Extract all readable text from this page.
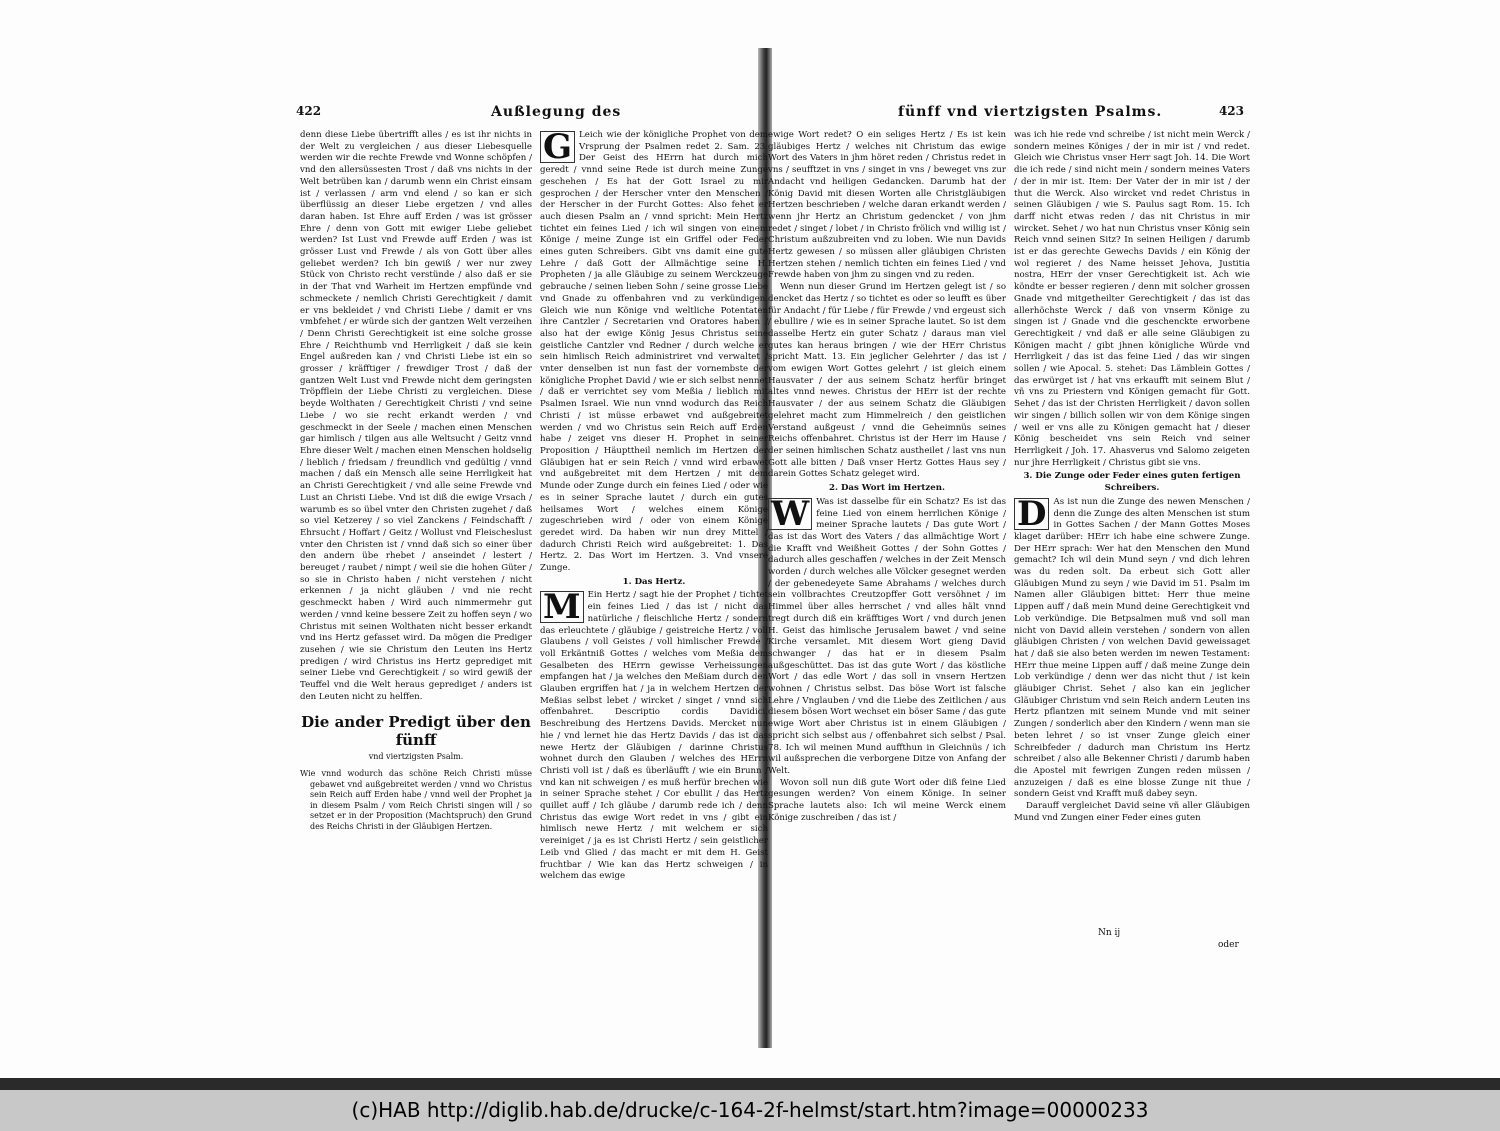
422	Außlegung des

denn diese Liebe übertrifft alles / es ist ihr nichts in der Welt zu vergleichen / aus dieser Liebesquelle werden wir die rechte Frewde vnd Wonne schöpfen / vnd den allersüssesten Trost / daß vns nichts in der Welt betrüben kan / darumb wenn ein Christ einsam ist / verlassen / arm vnd elend / so kan er sich überflüssig an dieser Liebe ergetzen / vnd alles daran haben. Ist Ehre auff Erden / was ist grösser Ehre / denn von Gott mit ewiger Liebe geliebet werden? Ist Lust vnd Frewde auff Erden / was ist grösser Lust vnd Frewde / als von Gott über alles geliebet werden? Ich bin gewiß / wer nur zwey Stück von Christo recht verstünde / also daß er sie in der That vnd Warheit im Hertzen empfünde vnd schmeckete / nemlich Christi Gerechtigkeit / damit er vns bekleidet / vnd Christi Liebe / damit er vns vmbfehet / er würde sich der gantzen Welt verzeihen / Denn Christi Gerechtigkeit ist eine solche grosse Ehre / Reichthumb vnd Herrligkeit / daß sie kein Engel außreden kan / vnd Christi Liebe ist ein so grosser / kräfftiger / frewdiger Trost / daß der gantzen Welt Lust vnd Frewde nicht dem geringsten Tröpfflein der Liebe Christi zu vergleichen. Diese beyde Wolthaten / Gerechtigkeit Christi / vnd seine Liebe / wo sie recht erkandt werden / vnd geschmeckt in der Seele / machen einen Menschen gar himlisch / tilgen aus alle Weltsucht / Geitz vnnd Ehre dieser Welt / machen einen Menschen holdselig / lieblich / friedsam / freundlich vnd gedültig / vnnd machen / daß ein Mensch alle seine Herrligkeit hat an Christi Gerechtigkeit / vnd alle seine Frewde vnd Lust an Christi Liebe. Vnd ist diß die ewige Vrsach / warumb es so übel vnter den Christen zugehet / daß so viel Ketzerey / so viel Zanckens / Feindschafft / Ehrsucht / Hoffart / Geitz / Wollust vnd Fleischeslust vnter den Christen ist / vnnd daß sich so einer über den andern übe rhebet / anseindet / lestert / bereuget / raubet / nimpt / weil sie die hohen Güter / so sie in Christo haben / nicht verstehen / nicht erkennen / ja nicht gläuben / vnd nie recht geschmeckt haben / Wird auch nimmermehr gut werden / vnnd keine bessere Zeit zu hoffen seyn / wo Christus mit seinen Wolthaten nicht besser erkandt vnd ins Hertz gefasset wird. Da mögen die Prediger zusehen / wie sie Christum den Leuten ins Hertz predigen / wird Christus ins Hertz geprediget mit seiner Liebe vnd Gerechtigkeit / so wird gewiß der Teuffel vnd die Welt heraus geprediget / anders ist den Leuten nicht zu helffen.

Die ander Predigt über den fünff
vnd viertzigsten Psalm.

Wie vnnd wodurch das schöne Reich Christi müsse gebawet vnd außgebreitet werden / vnnd wo Christus sein Reich auff Erden habe / vnnd weil der Prophet ja in diesem Psalm / vom Reich Christi singen will / so setzet er in der Proposition (Machtspruch) den Grund des Reichs Christi in der Gläubigen Hertzen.

G Leich wie der königliche Prophet von dem Vrsprung der Psalmen redet 2. Sam. 23. Der Geist des HErrn hat durch mich geredt / vnnd seine Rede ist durch meine Zunge geschehen / Es hat der Gott Israel zu mir gesprochen / der Herscher vnter den Menschen / der Herscher in der Furcht Gottes: Also fehet er auch diesen Psalm an / vnnd spricht: Mein Hertz tichtet ein feines Lied / ich wil singen von einem Könige / meine Zunge ist ein Griffel oder Feder eines guten Schreibers. Gibt vns damit eine gute Lehre / daß Gott der Allmächtige seine H. Propheten / ja alle Gläubige zu seinem Werckzeuge gebrauche / seinen lieben Sohn / seine grosse Liebe vnd Gnade zu offenbahren vnd zu verkündigen. Gleich wie nun Könige vnd weltliche Potentaten ihre Cantzler / Secretarien vnd Oratores haben / also hat der ewige König Jesus Christus seine geistliche Cantzler vnd Redner / durch welche er sein himlisch Reich administriret vnd verwaltet / vnter denselben ist nun fast der vornembste der königliche Prophet David / wie er sich selbst nennet / daß er verrichtet sey vom Meßia / lieblich mit Psalmen Israel. Wie nun vnnd wodurch das Reich Christi / ist müsse erbawet vnd außgebreitet werden / vnd wo Christus sein Reich auff Erden habe / zeiget vns dieser H. Prophet in seiner Proposition / Häupttheil nemlich im Hertzen der Gläubigen hat er sein Reich / vnnd wird erbawet vnd außgebreitet mit dem Hertzen / mit dem Munde oder Zunge durch ein feines Lied / oder wie es in seiner Sprache lautet / durch ein gutes heilsames Wort / welches einem Könige zugeschrieben wird / oder von einem Könige geredet wird. Da haben wir nun drey Mittel / dadurch Christi Reich wird außgebreitet: 1. Das Hertz. 2. Das Wort im Hertzen. 3. Vnd vnsere Zunge.

1. Das Hertz.
M Ein Hertz / sagt hie der Prophet / tichtet ein feines Lied / das ist / nicht das natürliche / fleischliche Hertz / sondern das erleuchtete / gläubige / geistreiche Hertz / voll Glaubens / voll Geistes / voll himlischer Frewde / voll Erkäntniß Gottes / welches vom Meßia dem Gesalbeten des HErrn gewisse Verheissungen empfangen hat / ja welches den Meßiam durch den Glauben ergriffen hat / ja in welchem Hertzen der Meßias selbst lebet / wircket / singet / vnnd sich offenbahret. Descriptio cordis Davidici. Beschreibung des Hertzens Davids. Mercket nun hie / vnd lernet hie das Hertz Davids / das ist das newe Hertz der Gläubigen / darinne Christus wohnet durch den Glauben / welches des HErrn Christi voll ist / daß es überläufft / wie ein Brunn / vnd kan nit schweigen / es muß herfür brechen wie in seiner Sprache stehet / Cor ebullit / das Hertz quillet auff / Ich gläube / darumb rede ich / denn Christus das ewige Wort redet in vns / gibt ein himlisch newe Hertz / mit welchem er sich vereiniget / ja es ist Christi Hertz / sein geistlicher Leib vnd Glied / das macht er mit dem H. Geist fruchtbar / Wie kan das Hertz schweigen / in welchem das ewige

fünff vnd viertzigsten Psalms.	423

ewige Wort redet? O ein seliges Hertz / Es ist kein gläubiges Hertz / welches nit Christum das ewige Wort des Vaters in jhm höret reden / Christus redet in vns / seufftzet in vns / singet in vns / beweget vns zur Andacht vnd heiligen Gedancken. Darumb hat der König David mit diesen Worten alle Christgläubigen Hertzen beschrieben / welche daran erkandt werden / wenn jhr Hertz an Christum gedencket / von jhm redet / singet / lobet / in Christo frölich vnd willig ist / Christum außzubreiten vnd zu loben. Wie nun Davids Hertz gewesen / so müssen aller gläubigen Christen Hertzen stehen / nemlich tichten ein feines Lied / vnd Frewde haben von jhm zu singen vnd zu reden.

Wenn nun dieser Grund im Hertzen gelegt ist / so dencket das Hertz / so tichtet es oder so leufft es über für Andacht / für Liebe / für Frewde / vnd ergeust sich / ebullire / wie es in seiner Sprache lautet. So ist dem dasselbe Hertz ein guter Schatz / daraus man viel gutes kan heraus bringen / wie der HErr Christus spricht Matt. 13. Ein jeglicher Gelehrter / das ist / vom ewigen Wort Gottes gelehrt / ist gleich einem Hausvater / der aus seinem Schatz herfür bringet altes vnnd newes. Christus der HErr ist der rechte Hausvater / der aus seinem Schatz die Gläubigen gelehret macht zum Himmelreich / den geistlichen Verstand außgeust / vnnd die Geheimnüs seines Reichs offenbahret. Christus ist der Herr im Hause / der seinen himlischen Schatz austheilet / last vns nun Gott alle bitten / Daß vnser Hertz Gottes Haus sey / darein Gottes Schatz geleget wird.

2. Das Wort im Hertzen.
W Was ist dasselbe für ein Schatz? Es ist das feine Lied von einem herrlichen Könige / meiner Sprache lautets / Das gute Wort / das ist das Wort des Vaters / das allmächtige Wort / die Krafft vnd Weißheit Gottes / der Sohn Gottes / dadurch alles geschaffen / welches in der Zeit Mensch worden / durch welches alle Völcker gesegnet werden / der gebenedeyete Same Abrahams / welches durch sein vollbrachtes Creutzopffer Gott versöhnet / im Himmel über alles herrschet / vnd alles hält vnnd tregt durch diß ein kräfftiges Wort / vnd durch jenen H. Geist das himlische Jerusalem bawet / vnd seine Kirche versamlet. Mit diesem Wort gieng David schwanger / das hat er in diesem Psalm außgeschüttet. Das ist das gute Wort / das köstliche Wort / das edle Wort / das soll in vnsern Hertzen wohnen / Christus selbst. Das böse Wort ist falsche Lehre / Vnglauben / vnd die Liebe des Zeitlichen / aus diesem bösen Wort wechset ein böser Same / das gute ewige Wort aber Christus ist in einem Gläubigen / spricht sich selbst aus / offenbahret sich selbst / Psal. 78. Ich wil meinen Mund auffthun in Gleichnüs / ich wil außsprechen die verborgene Ditze von Anfang der Welt.

Wovon soll nun diß gute Wort oder diß feine Lied gesungen werden? Von einem Könige. In seiner Sprache lautets also: Ich wil meine Werck einem Könige zuschreiben / das ist /

was ich hie rede vnd schreibe / ist nicht mein Werck / sondern meines Königes / der in mir ist / vnd redet. Gleich wie Christus vnser Herr sagt Joh. 14. Die Wort die ich rede / sind nicht mein / sondern meines Vaters / der in mir ist. Item: Der Vater der in mir ist / der thut die Werck. Also wircket vnd redet Christus in seinen Gläubigen / wie S. Paulus sagt Rom. 15. Ich darff nicht etwas reden / das nit Christus in mir wircket. Sehet / wo hat nun Christus vnser König sein Reich vnnd seinen Sitz? In seinen Heiligen / darumb ist er das gerechte Gewechs Davids / ein König der wol regieret / des Name heisset Jehova, Justitia nostra, HErr der vnser Gerechtigkeit ist. Ach wie köndte er besser regieren / denn mit solcher grossen Gnade vnd mitgetheilter Gerechtigkeit / das ist das allerhöchste Werck / daß von vnserm Könige zu singen ist / Gnade vnd die geschenckte erworbene Gerechtigkeit / vnd daß er alle seine Gläubigen zu Königen macht / gibt jhnen königliche Würde vnd Herrligkeit / das ist das feine Lied / das wir singen sollen / wie Apocal. 5. stehet: Das Lämblein Gottes / das erwürget ist / hat vns erkaufft mit seinem Blut / vñ vns zu Priestern vnd Königen gemacht für Gott. Sehet / das ist der Christen Herrligkeit / davon sollen wir singen / billich sollen wir von dem Könige singen / weil er vns alle zu Königen gemacht hat / dieser König bescheidet vns sein Reich vnd seiner Herrligkeit / Joh. 17. Ahasverus vnd Salomo zeigeten nur jhre Herrligkeit / Christus gibt sie vns.

3. Die Zunge oder Feder eines guten fertigen Schreibers.
D As ist nun die Zunge des newen Menschen / denn die Zunge des alten Menschen ist stum in Gottes Sachen / der Mann Gottes Moses klaget darüber: HErr ich habe eine schwere Zunge. Der HErr sprach: Wer hat den Menschen den Mund gemacht? Ich wil dein Mund seyn / vnd dich lehren was du reden solt. Da erbeut sich Gott aller Gläubigen Mund zu seyn / wie David im 51. Psalm im Namen aller Gläubigen bittet: Herr thue meine Lippen auff / daß mein Mund deine Gerechtigkeit vnd Lob verkündige. Die Betpsalmen muß vnd soll man nicht von David allein verstehen / sondern von allen gläubigen Christen / von welchen David geweissaget hat / daß sie also beten werden im newen Testament: HErr thue meine Lippen auff / daß meine Zunge dein Lob verkündige / denn wer das nicht thut / ist kein gläubiger Christ. Sehet / also kan ein jeglicher Gläubiger Christum vnd sein Reich andern Leuten ins Hertz pflantzen mit seinem Munde vnd mit seiner Zungen / sonderlich aber den Kindern / wenn man sie beten lehret / so ist vnser Zunge gleich einer Schreibfeder / dadurch man Christum ins Hertz schreibet / also alle Bekenner Christi / darumb haben die Apostel mit fewrigen Zungen reden müssen / anzuzeigen / daß es eine blosse Zunge nit thue / sondern Geist vnd Krafft muß dabey seyn.

Darauff vergleichet David seine vñ aller Gläubigen Mund vnd Zungen einer Feder eines guten

Nn ij
oder
(c)HAB http://diglib.hab.de/drucke/c-164-2f-helmst/start.htm?image=00000233
